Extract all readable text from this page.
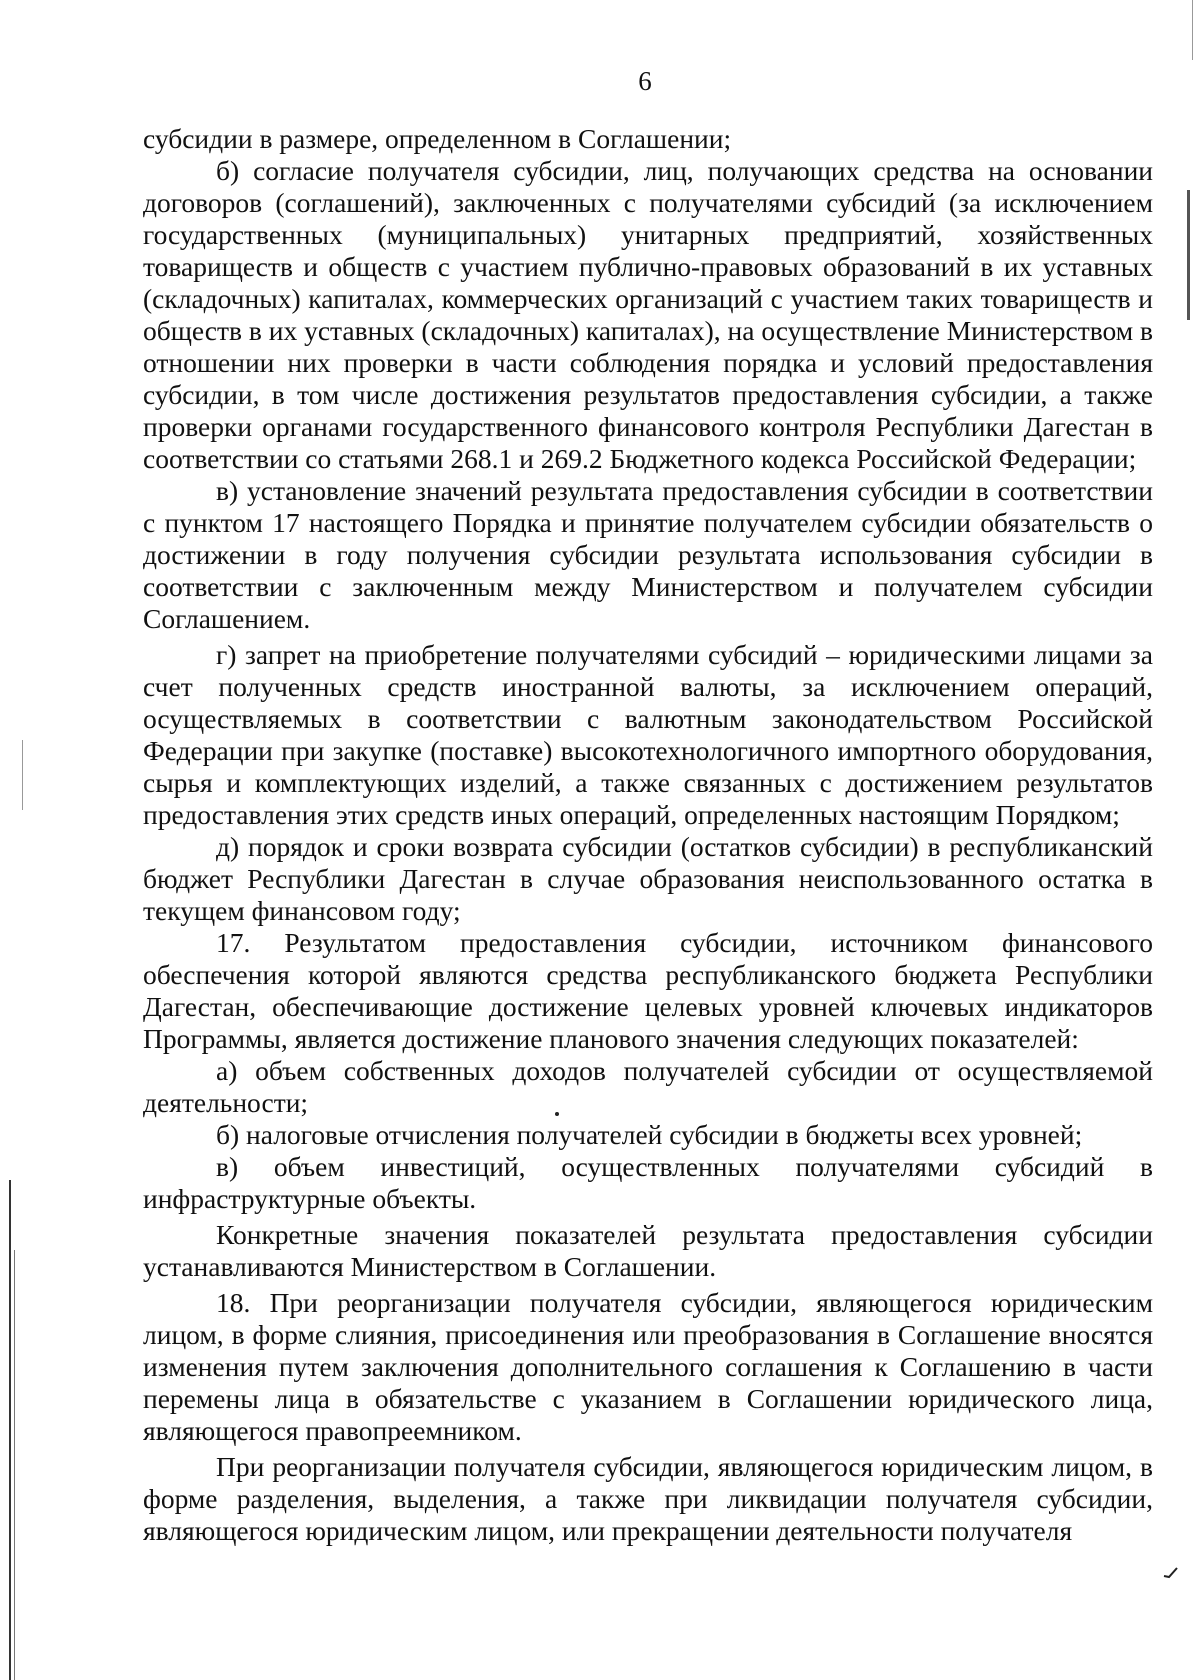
6

субсидии в размере, определенном в Соглашении;

б) согласие получателя субсидии, лиц, получающих средства на основании договоров (соглашений), заключенных с получателями субсидий (за исключением государственных (муниципальных) унитарных предприятий, хозяйственных товариществ и обществ с участием публично-правовых образований в их уставных (складочных) капиталах, коммерческих организаций с участием таких товариществ и обществ в их уставных (складочных) капиталах), на осуществление Министерством в отношении них проверки в части соблюдения порядка и условий предоставления субсидии, в том числе достижения результатов предоставления субсидии, а также проверки органами государственного финансового контроля Республики Дагестан в соответствии со статьями 268.1 и 269.2 Бюджетного кодекса Российской Федерации;

в) установление значений результата предоставления субсидии в соответствии с пунктом 17 настоящего Порядка и принятие получателем субсидии обязательств о достижении в году получения субсидии результата использования субсидии в соответствии с заключенным между Министерством и получателем субсидии Соглашением.

г) запрет на приобретение получателями субсидий – юридическими лицами за счет полученных средств иностранной валюты, за исключением операций, осуществляемых в соответствии с валютным законодательством Российской Федерации при закупке (поставке) высокотехнологичного импортного оборудования, сырья и комплектующих изделий, а также связанных с достижением результатов предоставления этих средств иных операций, определенных настоящим Порядком;

д) порядок и сроки возврата субсидии (остатков субсидии) в республиканский бюджет Республики Дагестан в случае образования неиспользованного остатка в текущем финансовом году;

17. Результатом предоставления субсидии, источником финансового обеспечения которой являются средства республиканского бюджета Республики Дагестан, обеспечивающие достижение целевых уровней ключевых индикаторов Программы, является достижение планового значения следующих показателей:

а) объем собственных доходов получателей субсидии от осуществляемой деятельности;

б) налоговые отчисления получателей субсидии в бюджеты всех уровней;

в) объем инвестиций, осуществленных получателями субсидий в инфраструктурные объекты.

Конкретные значения показателей результата предоставления субсидии устанавливаются Министерством в Соглашении.

18. При реорганизации получателя субсидии, являющегося юридическим лицом, в форме слияния, присоединения или преобразования в Соглашение вносятся изменения путем заключения дополнительного соглашения к Соглашению в части перемены лица в обязательстве с указанием в Соглашении юридического лица, являющегося правопреемником.

При реорганизации получателя субсидии, являющегося юридическим лицом, в форме разделения, выделения, а также при ликвидации получателя субсидии, являющегося юридическим лицом, или прекращении деятельности получателя
